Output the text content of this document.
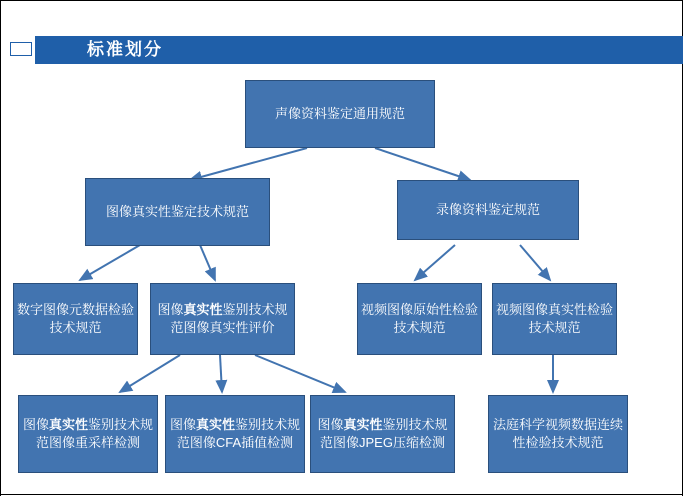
标准划分
声像资料鉴定通用规范
图像真实性鉴定技术规范	录像资料鉴定规范
数字图像元数据检验技术规范
图像真实性鉴别技术规范图像真实性评价
视频图像原始性检验技术规范
视频图像真实性检验技术规范
图像真实性鉴别技术规范图像重采样检测
图像真实性鉴别技术规范图像CFA插值检测
图像真实性鉴别技术规范图像JPEG压缩检测
法庭科学视频数据连续性检验技术规范
